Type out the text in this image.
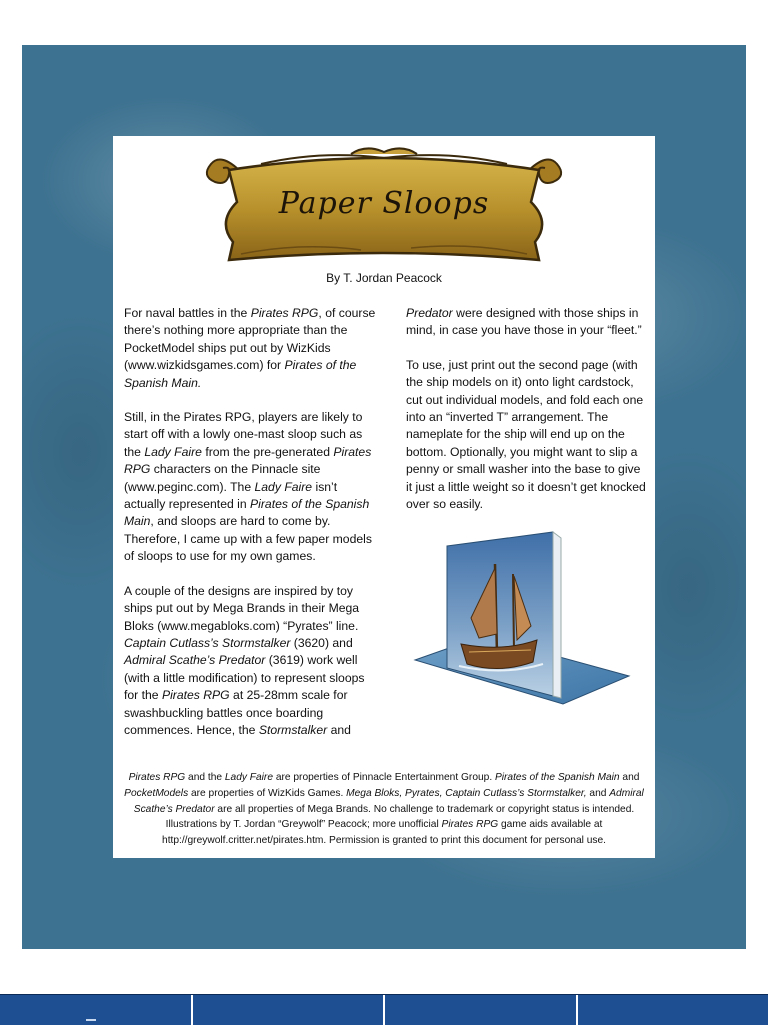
Paper Sloops
By T. Jordan Peacock

For naval battles in the Pirates RPG, of course there’s nothing more appropriate than the PocketModel ships put out by WizKids (www.wizkidsgames.com) for Pirates of the Spanish Main.

Still, in the Pirates RPG, players are likely to start off with a lowly one-mast sloop such as the Lady Faire from the pre-generated Pirates RPG characters on the Pinnacle site (www.peginc.com). The Lady Faire isn’t actually represented in Pirates of the Spanish Main, and sloops are hard to come by. Therefore, I came up with a few paper models of sloops to use for my own games.

A couple of the designs are inspired by toy ships put out by Mega Brands in their Mega Bloks (www.megabloks.com) “Pyrates” line. Captain Cutlass’s Stormstalker (3620) and Admiral Scathe’s Predator (3619) work well (with a little modification) to represent sloops for the Pirates RPG at 25-28mm scale for swashbuckling battles once boarding commences. Hence, the Stormstalker and

Predator were designed with those ships in mind, in case you have those in your “fleet.”

To use, just print out the second page (with the ship models on it) onto light cardstock, cut out individual models, and fold each one into an “inverted T” arrangement. The nameplate for the ship will end up on the bottom. Optionally, you might want to slip a penny or small washer into the base to give it just a little weight so it doesn’t get knocked over so easily.

Pirates RPG and the Lady Faire are properties of Pinnacle Entertainment Group. Pirates of the Spanish Main and PocketModels are properties of WizKids Games. Mega Bloks, Pyrates, Captain Cutlass’s Stormstalker, and Admiral Scathe’s Predator are all properties of Mega Brands. No challenge to trademark or copyright status is intended. Illustrations by T. Jordan “Greywolf” Peacock; more unofficial Pirates RPG game aids available at http://greywolf.critter.net/pirates.htm. Permission is granted to print this document for personal use.
